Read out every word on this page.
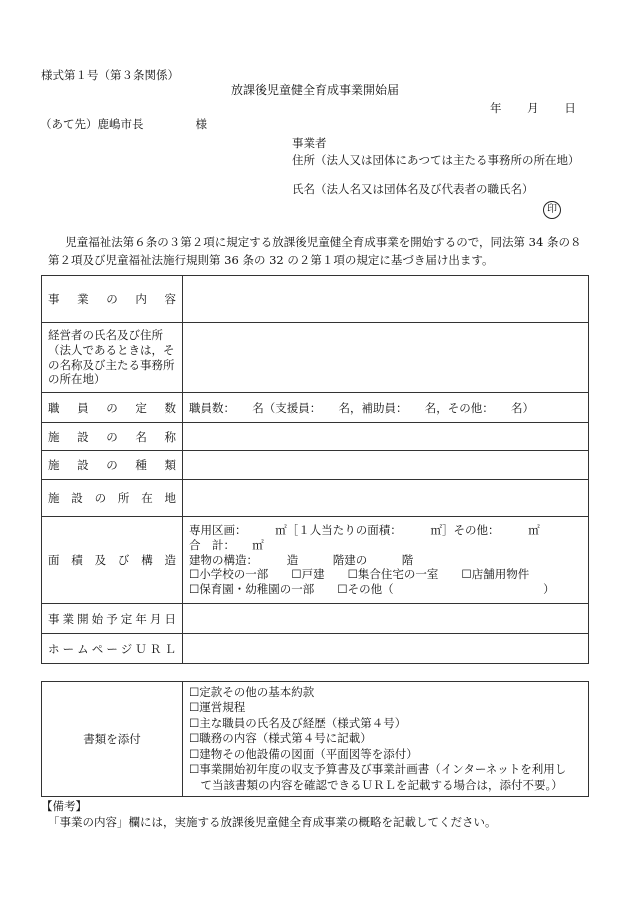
様式第１号（第３条関係）
放課後児童健全育成事業開始届
年 月 日
（あて先）鹿嶋市長	様
事業者
住所（法人又は団体にあつては主たる事務所の所在地）
氏名（法人名又は団体名及び代表者の職氏名）
印
児童福祉法第６条の３第２項に規定する放課後児童健全育成事業を開始するので，同法第 34 条の８第２項及び児童福祉法施行規則第 36 条の 32 の２第１項の規定に基づき届け出ます。
事業の内容	

経営者の氏名及び住所
（法人であるときは，そ
の名称及び主たる事務所
の所在地）	

職員の定数	職員数：　　名（支援員：　　名，補助員：　　名，その他：　　名）
施設の名称	
施設の種類	
施設の所在地	
面積及び構造	専用区画：　　　㎡［１人当たりの面積：　　　㎡］その他：　　　㎡
合　計：　　㎡
建物の構造：　　　造　　　階建の　　　階
☐小学校の一部　　☐戸建　　☐集合住宅の一室　　☐店舗用物件
☐保育園・幼稚園の一部　　☐その他（　　　　　　　　　　　　　）

事業開始予定年月日	
ホームページＵＲＬ	
書類を添付	
☐定款その他の基本約款
☐運営規程
☐主な職員の氏名及び経歴（様式第４号）
☐職務の内容（様式第４号に記載）
☐建物その他設備の図面（平面図等を添付）
☐事業開始初年度の収支予算書及び事業計画書（インターネットを利用し
　て当該書類の内容を確認できるＵＲＬを記載する場合は，添付不要。）
【備考】
「事業の内容」欄には，実施する放課後児童健全育成事業の概略を記載してください。
